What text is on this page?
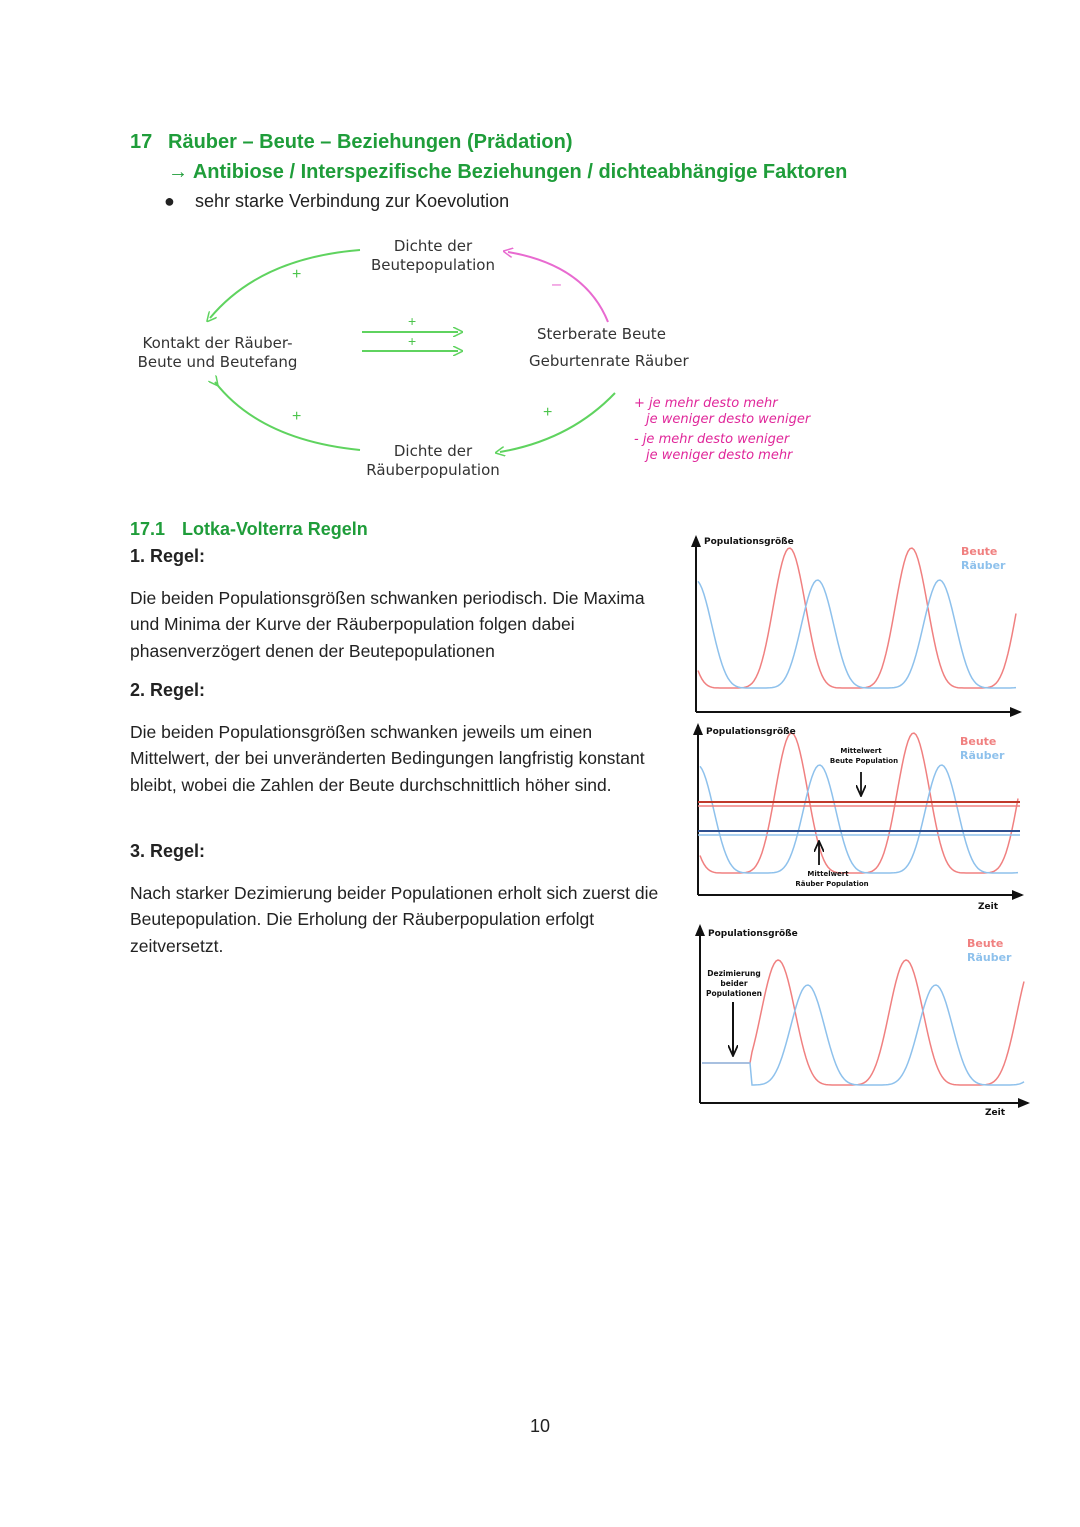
17 Räuber – Beute – Beziehungen (Prädation)
→ Antibiose / Interspezifische Beziehungen / dichteabhängige Faktoren
● sehr starke Verbindung zur Koevolution
+
+
+
+
+
–
Dichte der
Beutepopulation
Kontakt der Räuber-
Beute und Beutefang
Sterberate Beute
Geburtenrate Räuber
Dichte der
Räuberpopulation
+ je mehr desto mehr
je weniger desto weniger
- je mehr desto weniger
je weniger desto mehr
17.1 Lotka-Volterra Regeln
1. Regel:
Die beiden Populationsgrößen schwanken periodisch. Die Maxima und Minima der Kurve der Räuberpopulation folgen dabei phasenverzögert denen der Beutepopulationen
2. Regel:
Die beiden Populationsgrößen schwanken jeweils um einen Mittelwert, der bei unveränderten Bedingungen langfristig konstant bleibt, wobei die Zahlen der Beute durchschnittlich höher sind.
3. Regel:
Nach starker Dezimierung beider Populationen erholt sich zuerst die Beutepopulation. Die Erholung der Räuberpopulation erfolgt zeitversetzt.
Populationsgröße
Beute
Räuber
Populationsgröße
Mittelwert
Beute Population
Mittelwert
Räuber Population
Beute
Räuber
Zeit
Populationsgröße
Dezimierung
beider
Populationen
Beute
Räuber
Zeit
10
